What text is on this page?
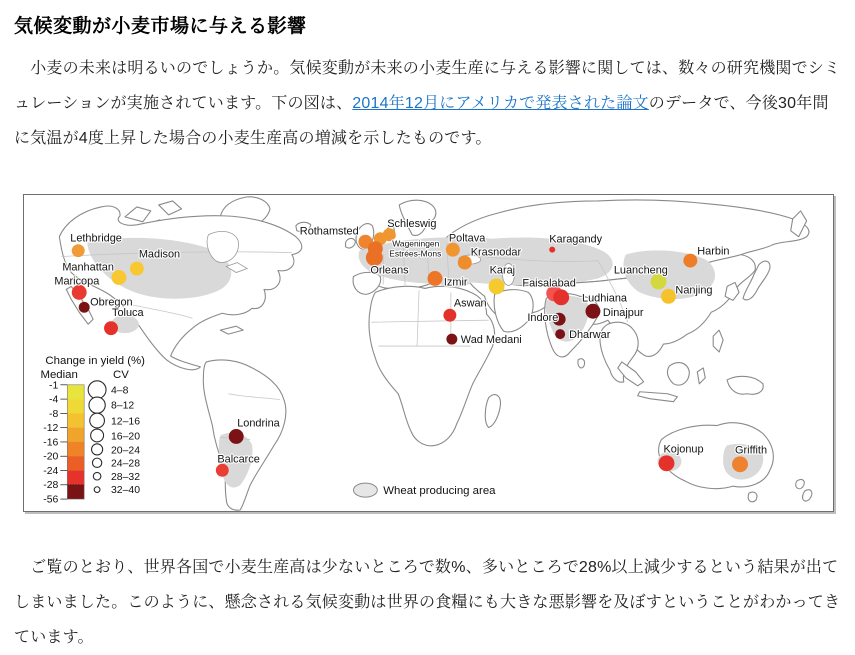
気候変動が小麦市場に与える影響

　小麦の未来は明るいのでしょうか。気候変動が未来の小麦生産に与える影響に関しては、数々の研究機関でシミュレーションが実施されています。下の図は、2014年12月にアメリカで発表された論文のデータで、今後30年間に気温が4度上昇した場合の小麦生産高の増減を示したものです。

Change in yield (%)
Median	CV
-1
-4
-8
-12
-16
-20
-24
-28
-56
4–8
8–12
12–16
16–20
20–24
24–28
28–32
32–40	Wheat producing area
Lethbridge
Madison
Manhattan
Maricopa
Obregon
Toluca
Rothamsted
Schleswig
Wageningen
Estrées-Mons
Orleans
Poltava
Krasnodar
Karagandy
Izmir
Karaj
Aswan
Wad Medani
Faisalabad
Ludhiana
Indore
Dharwar
Dinajpur
Harbin
Luancheng
Nanjing
Londrina
Balcarce
Kojonup	Griffith

　ご覧のとおり、世界各国で小麦生産高は少ないところで数%、多いところで28%以上減少するという結果が出てしまいました。このように、懸念される気候変動は世界の食糧にも大きな悪影響を及ぼすということがわかってきています。
